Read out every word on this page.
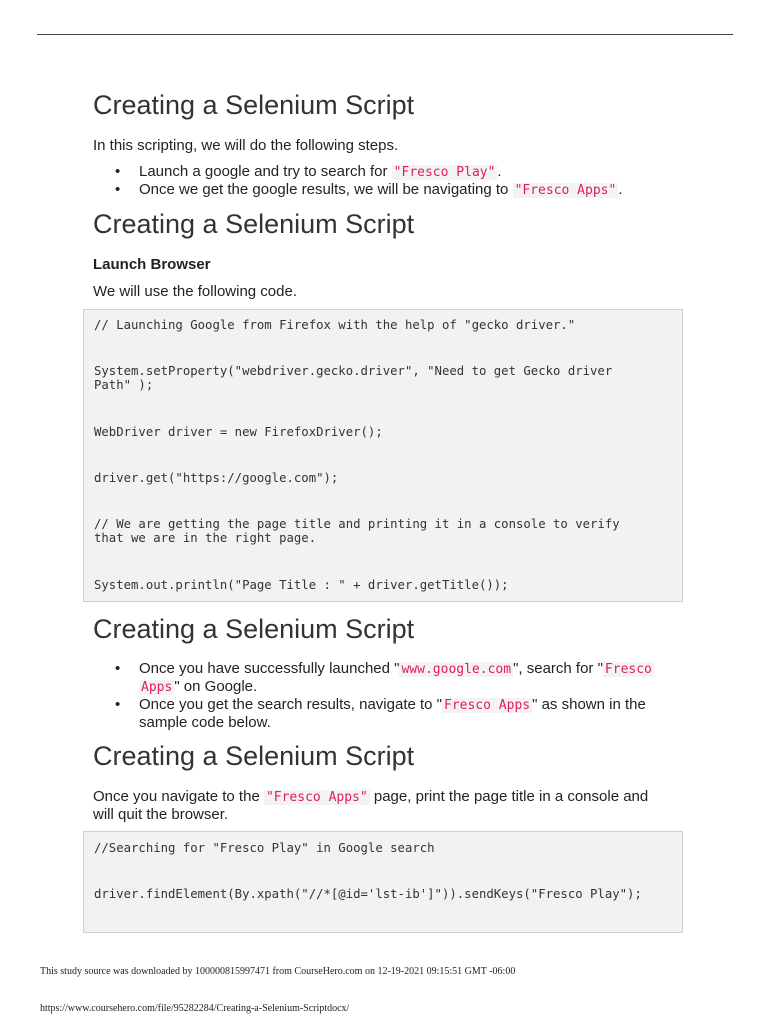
Creating a Selenium Script
In this scripting, we will do the following steps.
• Launch a google and try to search for "Fresco Play" .
• Once we get the google results, we will be navigating to "Fresco Apps" .
Creating a Selenium Script
Launch Browser
We will use the following code.
Creating a Selenium Script
• Once you have successfully launched " www.google.com ", search for " Fresco
Apps " on Google.
• Once you get the search results, navigate to " Fresco Apps " as shown in the
sample code below.
Creating a Selenium Script
Once you navigate to the "Fresco Apps" page, print the page title in a console and
will quit the browser.
// Launching Google from Firefox with the help of "gecko driver."
System.setProperty("webdriver.gecko.driver", "Need to get Gecko driver
Path" );
WebDriver driver = new FirefoxDriver();
driver.get("https://google.com");
// We are getting the page title and printing it in a console to verify
that we are in the right page.
System.out.println("Page Title : " + driver.getTitle());
//Searching for "Fresco Play" in Google search
driver.findElement(By.xpath("//*[@id='lst-ib']")).sendKeys("Fresco Play");
This study source was downloaded by 100000815997471 from CourseHero.com on 12-19-2021 09:15:51 GMT -06:00
https://www.coursehero.com/file/95282284/Creating-a-Selenium-Scriptdocx/
